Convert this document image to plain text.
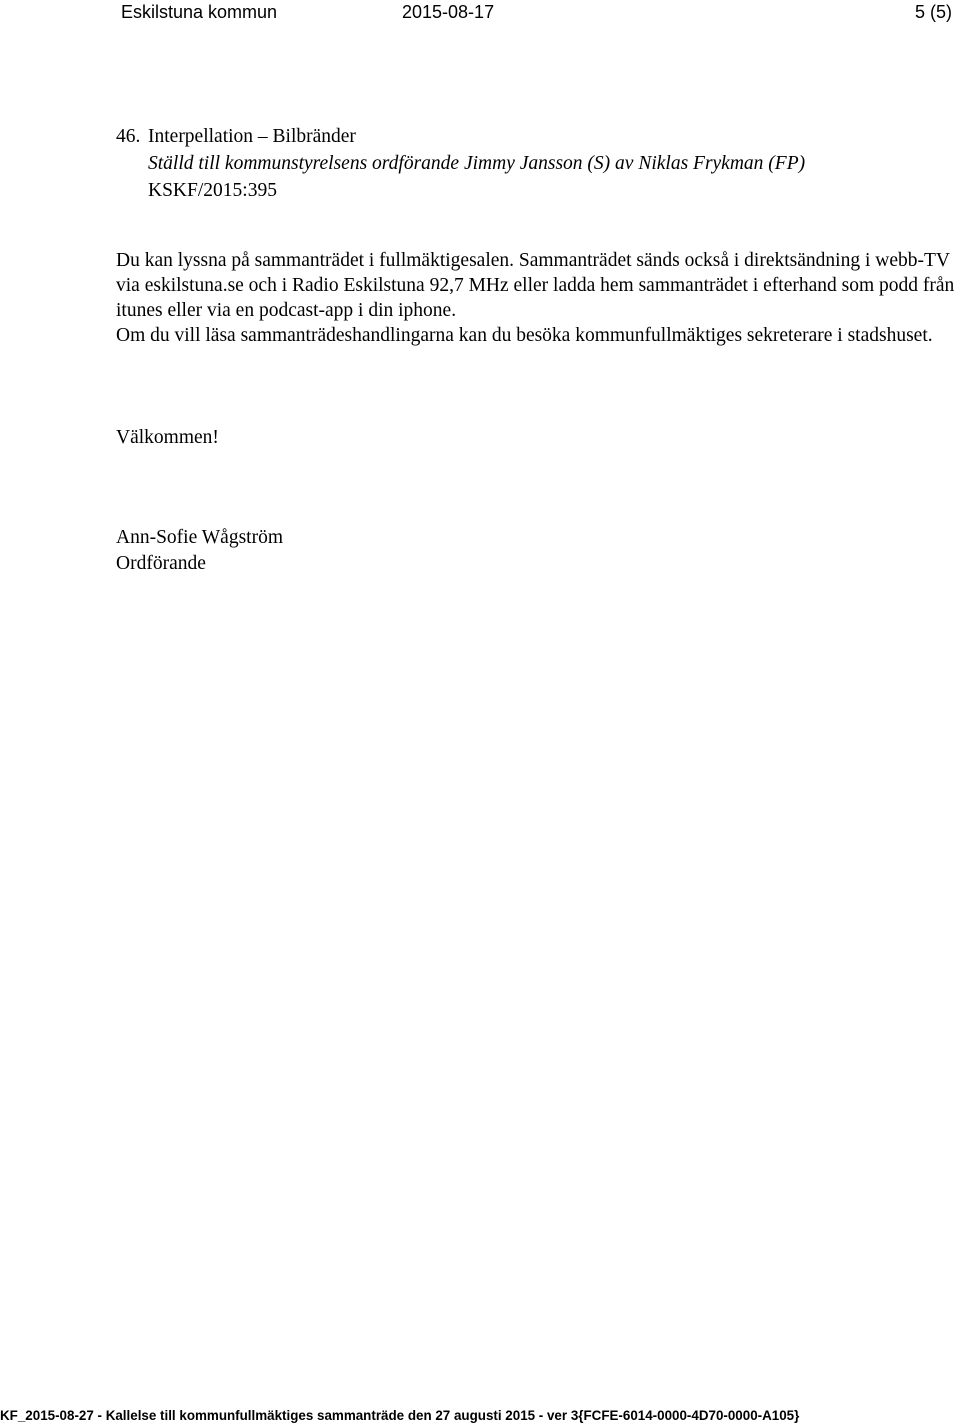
Eskilstuna kommun	2015-08-17	5 (5)
46. Interpellation – Bilbränder
Ställd till kommunstyrelsens ordförande Jimmy Jansson (S) av Niklas Frykman (FP)
KSKF/2015:395

Du kan lyssna på sammanträdet i fullmäktigesalen. Sammanträdet sänds också i direktsändning i webb-TV via eskilstuna.se och i Radio Eskilstuna 92,7 MHz eller ladda hem sammanträdet i efterhand som podd från itunes eller via en podcast-app i din iphone.

Om du vill läsa sammanträdeshandlingarna kan du besöka kommunfullmäktiges sekreterare i stadshuset.

Välkommen!
Ann-Sofie Wågström
Ordförande
KF_2015-08-27 - Kallelse till kommunfullmäktiges sammanträde den 27 augusti 2015 - ver 3{FCFE-6014-0000-4D70-0000-A105}
